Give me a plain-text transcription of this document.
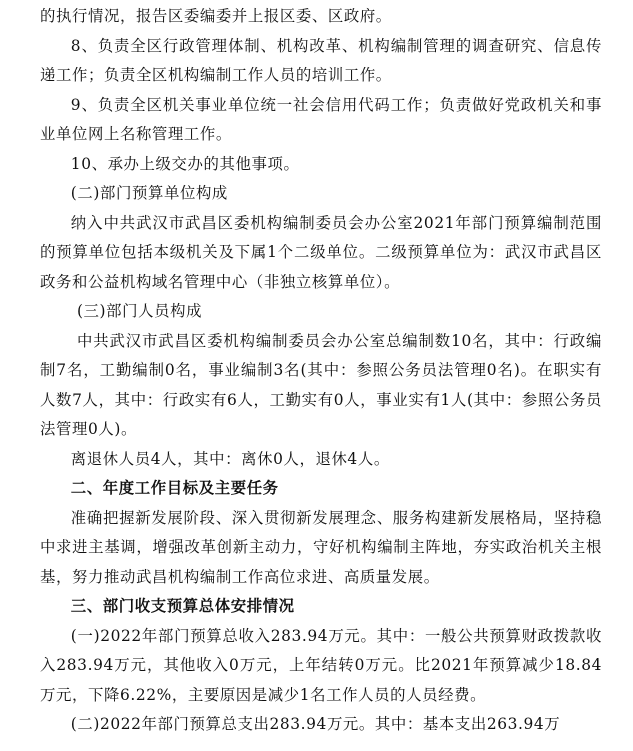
的执行情况，报告区委编委并上报区委、区政府。

8、负责全区行政管理体制、机构改革、机构编制管理的调查研究、信息传递工作；负责全区机构编制工作人员的培训工作。

9、负责全区机关事业单位统一社会信用代码工作；负责做好党政机关和事业单位网上名称管理工作。

10、承办上级交办的其他事项。

(二)部门预算单位构成

纳入中共武汉市武昌区委机构编制委员会办公室2021年部门预算编制范围的预算单位包括本级机关及下属1个二级单位。二级预算单位为：武汉市武昌区政务和公益机构域名管理中心（非独立核算单位）。

(三)部门人员构成

中共武汉市武昌区委机构编制委员会办公室总编制数10名，其中：行政编制7名，工勤编制0名，事业编制3名(其中：参照公务员法管理0名)。在职实有人数7人，其中：行政实有6人，工勤实有0人，事业实有1人(其中：参照公务员法管理0人)。

离退休人员4人，其中：离休0人，退休4人。

二、年度工作目标及主要任务

准确把握新发展阶段、深入贯彻新发展理念、服务构建新发展格局，坚持稳中求进主基调，增强改革创新主动力，守好机构编制主阵地，夯实政治机关主根基，努力推动武昌机构编制工作高位求进、高质量发展。

三、部门收支预算总体安排情况

(一)2022年部门预算总收入283.94万元。其中：一般公共预算财政拨款收入283.94万元，其他收入0万元，上年结转0万元。比2021年预算减少18.84万元，下降6.22%，主要原因是减少1名工作人员的人员经费。

(二)2022年部门预算总支出283.94万元。其中：基本支出263.94万
